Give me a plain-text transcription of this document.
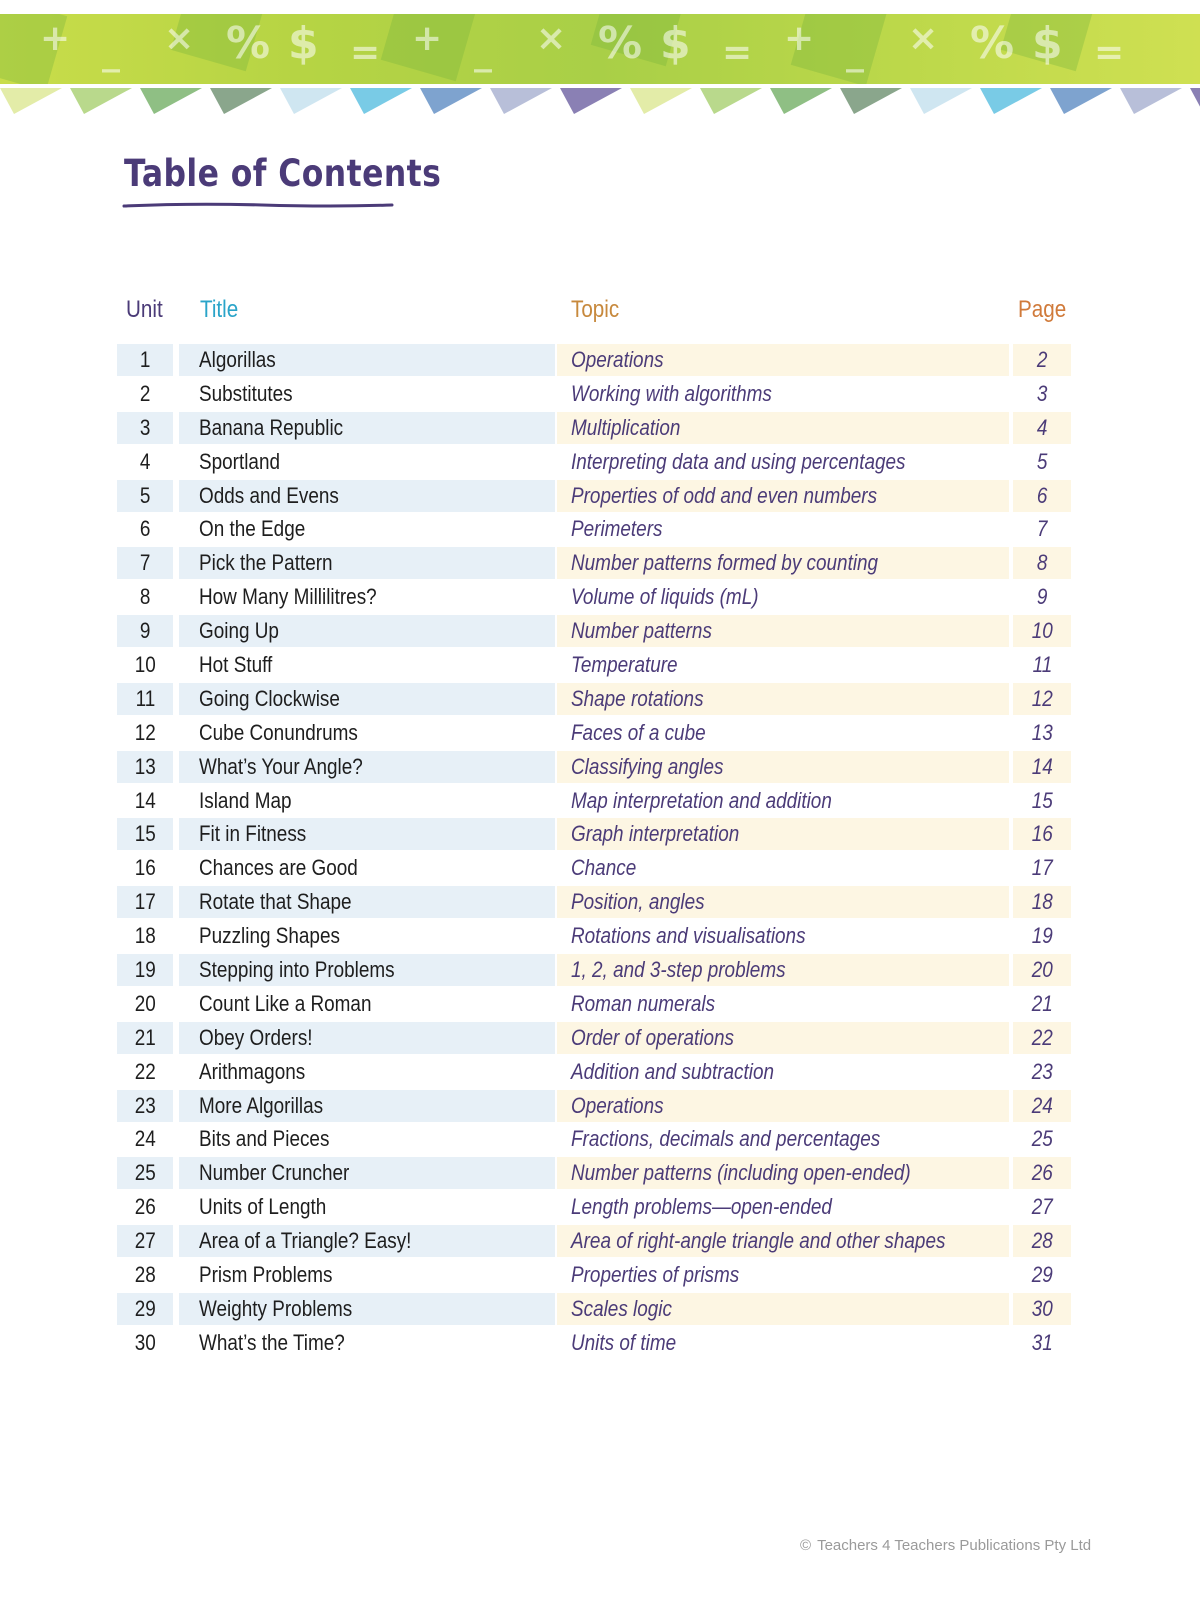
+ _ × % $ = + _ × % $ = + _ × % $ =
Table of Contents
Unit Title	Topic	Page
1	Algorillas	Operations	2
2	Substitutes	Working with algorithms	3
3	Banana Republic	Multiplication	4
4	Sportland	Interpreting data and using percentages	5
5	Odds and Evens	Properties of odd and even numbers	6
6	On the Edge	Perimeters	7
7	Pick the Pattern	Number patterns formed by counting	8
8	How Many Millilitres?	Volume of liquids (mL)	9
9	Going Up	Number patterns	10
10	Hot Stuff	Temperature	11
11	Going Clockwise	Shape rotations	12
12	Cube Conundrums	Faces of a cube	13
13	What’s Your Angle?	Classifying angles	14
14	Island Map	Map interpretation and addition	15
15	Fit in Fitness	Graph interpretation	16
16	Chances are Good	Chance	17
17	Rotate that Shape	Position, angles	18
18	Puzzling Shapes	Rotations and visualisations	19
19	Stepping into Problems	1, 2, and 3-step problems	20
20	Count Like a Roman	Roman numerals	21
21	Obey Orders!	Order of operations	22
22	Arithmagons	Addition and subtraction	23
23	More Algorillas	Operations	24
24	Bits and Pieces	Fractions, decimals and percentages	25
25	Number Cruncher	Number patterns (including open-ended)	26
26	Units of Length	Length problems—open-ended	27
27	Area of a Triangle? Easy!	Area of right-angle triangle and other shapes	28
28	Prism Problems	Properties of prisms	29
29	Weighty Problems	Scales logic	30
30	What’s the Time?	Units of time	31
© Teachers 4 Teachers Publications Pty Ltd
